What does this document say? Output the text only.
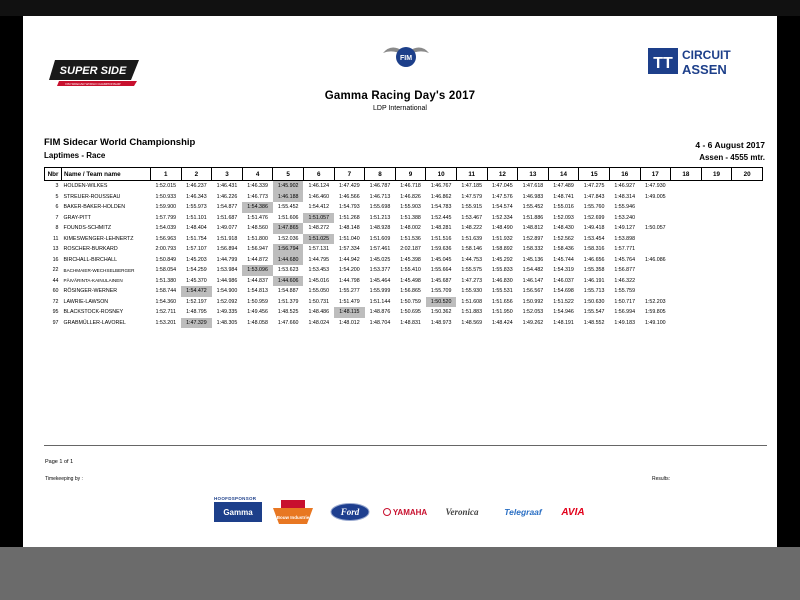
SUPER SIDE
FIM SIDECAR WORLD CHAMPIONSHIP
FIM	TT CIRCUIT
ASSEN
Gamma Racing Day's 2017
LDP International
FIM Sidecar World Championship
Laptimes - Race
4 - 6 August 2017
Assen - 4555 mtr.
Nbr	Name / Team name	1	2	3	4	5	6	7	8	9	10	11	12	13	14	15	16	17	18	19	20
3	HOLDEN-WILKES	1:52.015	1:46.237	1:46.431	1:46.339	1:45.902	1:46.124	1:47.429	1:46.787	1:46.718	1:46.767	1:47.185	1:47.045	1:47.618	1:47.489	1:47.275	1:46.927	1:47.930			
5	STREUER-ROUSSEAU	1:50.933	1:46.343	1:46.226	1:46.773	1:46.188	1:46.460	1:46.566	1:46.713	1:46.826	1:46.862	1:47.579	1:47.576	1:46.983	1:48.741	1:47.843	1:48.314	1:49.005			
6	BAKER-BAKER-HOLDEN	1:59.900	1:55.973	1:54.877	1:54.386	1:55.452	1:54.412	1:54.793	1:55.698	1:55.903	1:54.783	1:55.915	1:54.574	1:55.452	1:55.016	1:55.760	1:55.946				
7	GRAY-PITT	1:57.799	1:51.101	1:51.687	1:51.476	1:51.606	1:51.057	1:51.268	1:51.213	1:51.388	1:52.445	1:53.467	1:52.334	1:51.886	1:52.093	1:52.699	1:53.240				
8	FOUNDS-SCHMITZ	1:54.039	1:48.404	1:49.077	1:48.560	1:47.865	1:48.272	1:48.148	1:48.928	1:48.002	1:48.281	1:48.222	1:48.490	1:48.812	1:48.430	1:49.418	1:49.127	1:50.057			
11	KIMESWENGER-LEHNERTZ	1:56.963	1:51.754	1:51.918	1:51.800	1:52.036	1:51.025	1:51.040	1:51.609	1:51.536	1:51.516	1:51.639	1:51.932	1:52.897	1:52.562	1:53.454	1:53.898				
13	ROSCHER-BURKARD	2:00.793	1:57.107	1:56.894	1:56.947	1:56.794	1:57.131	1:57.334	1:57.461	2:02.187	1:59.636	1:58.146	1:58.892	1:58.332	1:58.436	1:58.316	1:57.771				
16	BIRCHALL-BIRCHALL	1:50.849	1:45.203	1:44.799	1:44.872	1:44.680	1:44.795	1:44.942	1:45.025	1:45.398	1:45.045	1:44.753	1:45.292	1:45.136	1:45.744	1:46.656	1:45.764	1:46.086			
22	BACHMAIER-WECHSELBERGER	1:58.054	1:54.259	1:53.984	1:53.096	1:53.623	1:53.453	1:54.200	1:53.377	1:55.410	1:55.664	1:55.575	1:55.833	1:54.482	1:54.319	1:55.358	1:56.877				
44	PÄIVÄRINTA-KAINULAINEN	1:51.380	1:45.370	1:44.986	1:44.837	1:44.606	1:45.016	1:44.798	1:45.464	1:45.498	1:45.687	1:47.273	1:46.830	1:46.147	1:46.037	1:46.191	1:46.322				
60	RÖSINGER-WERNER	1:58.744	1:54.472	1:54.900	1:54.813	1:54.887	1:55.050	1:55.277	1:55.999	1:56.865	1:55.709	1:55.930	1:55.531	1:56.567	1:54.698	1:55.713	1:55.759				
72	LAWRIE-LAWSON	1:54.360	1:52.197	1:52.092	1:50.959	1:51.379	1:50.731	1:51.479	1:51.144	1:50.759	1:50.520	1:51.608	1:51.656	1:50.992	1:51.522	1:50.630	1:50.717	1:52.203			
95	BLACKSTOCK-ROSNEY	1:52.711	1:48.795	1:49.335	1:49.456	1:48.525	1:48.486	1:48.115	1:48.876	1:50.695	1:50.362	1:51.883	1:51.950	1:52.053	1:54.946	1:55.547	1:56.994	1:59.805			
97	GRABMÜLLER-LAVOREL	1:53.201	1:47.329	1:48.305	1:48.058	1:47.660	1:48.024	1:48.012	1:48.704	1:48.831	1:48.973	1:48.569	1:48.424	1:49.262	1:48.191	1:48.552	1:49.183	1:49.100			
Page 1 of 1
Timekeeping by :	Results:
HOOFDSPONSOR
Gamma
Bouw Industrie
Ford	YAMAHA Veronica	Telegraaf AVIA
